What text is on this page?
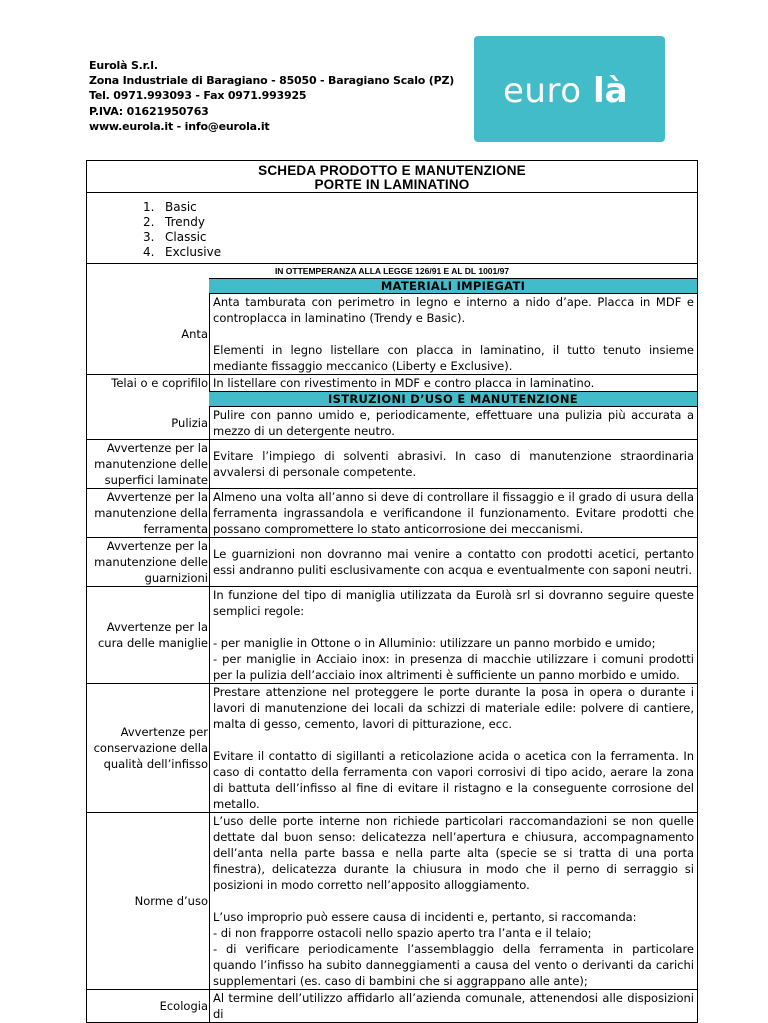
Eurolà S.r.l.
Zona Industriale di Baragiano - 85050 - Baragiano Scalo (PZ)
Tel. 0971.993093 - Fax 0971.993925
P.IVA: 01621950763
www.eurola.it - info@eurola.it
euro là
SCHEDA PRODOTTO E MANUTENZIONE
PORTE IN LAMINATINO
1. Basic
2. Trendy
3. Classic
4. Exclusive
IN OTTEMPERANZA ALLA LEGGE 126/91 E AL DL 1001/97
MATERIALI IMPIEGATI
Anta	Anta tamburata con perimetro in legno e interno a nido d’ape. Placca in MDF e controplacca in laminatino (Trendy e Basic).

Elementi in legno listellare con placca in laminatino, il tutto tenuto insieme mediante fissaggio meccanico (Liberty e Exclusive).

Telai o e coprifilo	In listellare con rivestimento in MDF e contro placca in laminatino.
ISTRUZIONI D’USO E MANUTENZIONE
Pulizia	Pulire con panno umido e, periodicamente, effettuare una pulizia più accurata a mezzo di un detergente neutro.
Avvertenze per la manutenzione delle superfici laminate	Evitare l’impiego di solventi abrasivi. In caso di manutenzione straordinaria avvalersi di personale competente.
Avvertenze per la manutenzione della ferramenta	Almeno una volta all’anno si deve di controllare il fissaggio e il grado di usura della ferramenta ingrassandola e verificandone il funzionamento. Evitare prodotti che possano compromettere lo stato anticorrosione dei meccanismi.
Avvertenze per la manutenzione delle guarnizioni	Le guarnizioni non dovranno mai venire a contatto con prodotti acetici, pertanto essi andranno puliti esclusivamente con acqua e eventualmente con saponi neutri.
Avvertenze per la cura delle maniglie	In funzione del tipo di maniglia utilizzata da Eurolà srl si dovranno seguire queste semplici regole:

- per maniglie in Ottone o in Alluminio: utilizzare un panno morbido e umido;

- per maniglie in Acciaio inox: in presenza di macchie utilizzare i comuni prodotti per la pulizia dell’acciaio inox altrimenti è sufficiente un panno morbido e umido.

Avvertenze per conservazione della qualità dell’infisso	Prestare attenzione nel proteggere le porte durante la posa in opera o durante i lavori di manutenzione dei locali da schizzi di materiale edile: polvere di cantiere, malta di gesso, cemento, lavori di pitturazione, ecc.

Evitare il contatto di sigillanti a reticolazione acida o acetica con la ferramenta. In caso di contatto della ferramenta con vapori corrosivi di tipo acido, aerare la zona di battuta dell’infisso al fine di evitare il ristagno e la conseguente corrosione del metallo.

Norme d’uso	L’uso delle porte interne non richiede particolari raccomandazioni se non quelle dettate dal buon senso: delicatezza nell’apertura e chiusura, accompagnamento dell’anta nella parte bassa e nella parte alta (specie se si tratta di una porta finestra), delicatezza durante la chiusura in modo che il perno di serraggio si posizioni in modo corretto nell’apposito alloggiamento.

L’uso improprio può essere causa di incidenti e, pertanto, si raccomanda:

- di non frapporre ostacoli nello spazio aperto tra l’anta e il telaio;

- di verificare periodicamente l’assemblaggio della ferramenta in particolare quando l’infisso ha subito danneggiamenti a causa del vento o derivanti da carichi supplementari (es. caso di bambini che si aggrappano alle ante);

Ecologia	Al termine dell’utilizzo affidarlo all’azienda comunale, attenendosi alle disposizioni di
